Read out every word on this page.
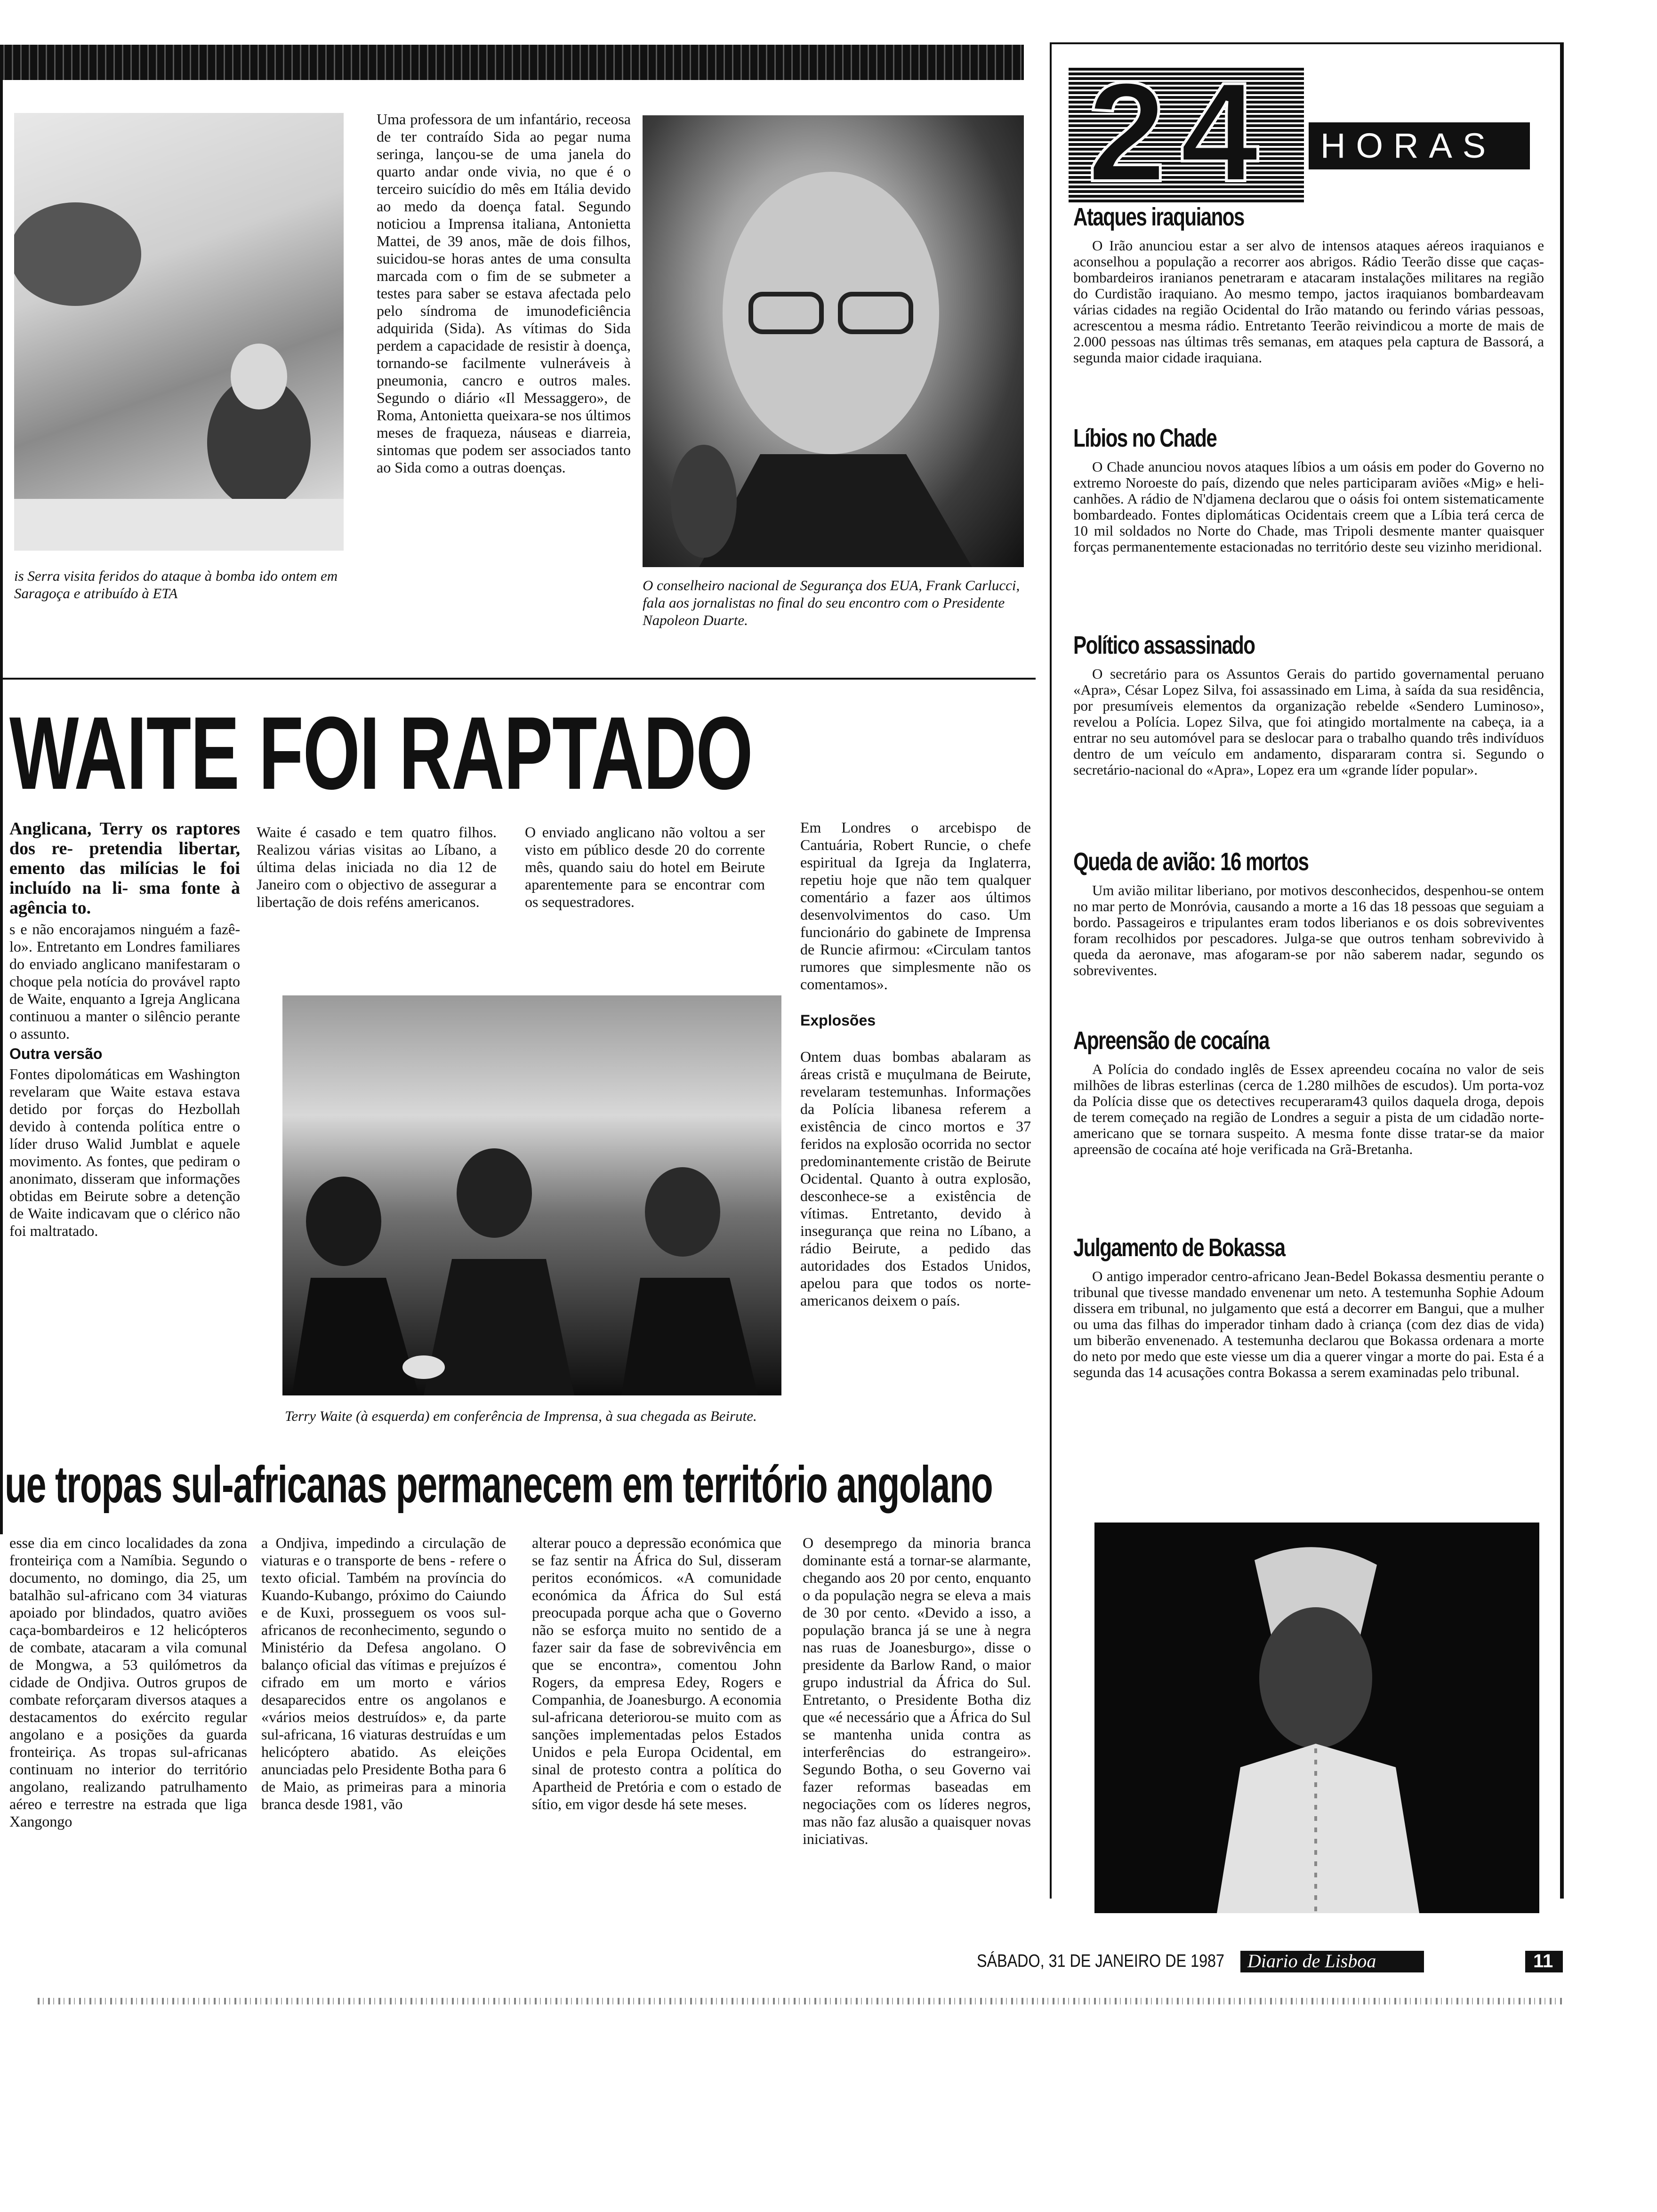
is Serra visita feridos do ataque à bomba ido ontem em Saragoça e atribuído à ETA
Uma professora de um infantário, receosa de ter contraído Sida ao pegar numa seringa, lançou-se de uma janela do quarto andar onde vivia, no que é o terceiro suicídio do mês em Itália devido ao medo da doença fatal. Segundo noticiou a Imprensa italiana, Antonietta Mattei, de 39 anos, mãe de dois filhos, suicidou-se horas antes de uma consulta marcada com o fim de se submeter a testes para saber se estava afectada pelo pelo síndroma de imunodeficiência adquirida (Sida). As vítimas do Sida perdem a capacidade de resistir à doença, tornando-se facilmente vulneráveis à pneumonia, cancro e outros males. Segundo o diário «Il Messaggero», de Roma, Antonietta queixara-se nos últimos meses de fraqueza, náuseas e diarreia, sintomas que podem ser associados tanto ao Sida como a outras doenças.
O conselheiro nacional de Segurança dos EUA, Frank Carlucci, fala aos jornalistas no final do seu encontro com o Presidente Napoleon Duarte.
WAITE FOI RAPTADO

Anglicana, Terry os raptores dos re- pretendia libertar, emento das milícias le foi incluído na li- sma fonte à agência to.

s e não encorajamos ninguém a fazê-lo». Entretanto em Londres familiares do enviado anglicano manifestaram o choque pela notícia do provável rapto de Waite, enquanto a Igreja Anglicana continuou a manter o silêncio perante o assunto.

Outra versão

Fontes dipolomáticas em Washington revelaram que Waite estava estava detido por forças do Hezbollah devido à contenda política entre o líder druso Walid Jumblat e aquele movimento. As fontes, que pediram o anonimato, disseram que informações obtidas em Beirute sobre a detenção de Waite indicavam que o clérico não foi maltratado.

Waite é casado e tem quatro filhos. Realizou várias visitas ao Líbano, a última delas iniciada no dia 12 de Janeiro com o objectivo de assegurar a libertação de dois reféns americanos.
O enviado anglicano não voltou a ser visto em público desde 20 do corrente mês, quando saiu do hotel em Beirute aparentemente para se encontrar com os sequestradores.

Em Londres o arcebispo de Cantuária, Robert Runcie, o chefe espiritual da Igreja da Inglaterra, repetiu hoje que não tem qualquer comentário a fazer aos últimos desenvolvimentos do caso. Um funcionário do gabinete de Imprensa de Runcie afirmou: «Circulam tantos rumores que simplesmente não os comentamos».

Explosões

Ontem duas bombas abalaram as áreas cristã e muçulmana de Beirute, revelaram testemunhas. Informações da Polícia libanesa referem a existência de cinco mortos e 37 feridos na explosão ocorrida no sector predominantemente cristão de Beirute Ocidental. Quanto à outra explosão, desconhece-se a existência de vítimas. Entretanto, devido à insegurança que reina no Líbano, a rádio Beirute, a pedido das autoridades dos Estados Unidos, apelou para que todos os norte-americanos deixem o país.

Terry Waite (à esquerda) em conferência de Imprensa, à sua chegada as Beirute.
ue tropas sul-africanas permanecem em território angolano
esse dia em cinco localidades da zona fronteiriça com a Namíbia. Segundo o documento, no domingo, dia 25, um batalhão sul-africano com 34 viaturas apoiado por blindados, quatro aviões caça-bombardeiros e 12 helicópteros de combate, atacaram a vila comunal de Mongwa, a 53 quilómetros da cidade de Ondjiva. Outros grupos de combate reforçaram diversos ataques a destacamentos do exército regular angolano e a posições da guarda fronteiriça. As tropas sul-africanas continuam no interior do território angolano, realizando patrulhamento aéreo e terrestre na estrada que liga Xangongo
a Ondjiva, impedindo a circulação de viaturas e o transporte de bens - refere o texto oficial. Também na província do Kuando-Kubango, próximo do Caiundo e de Kuxi, prosseguem os voos sul-africanos de reconhecimento, segundo o Ministério da Defesa angolano. O balanço oficial das vítimas e prejuízos é cifrado em um morto e vários desaparecidos entre os angolanos e «vários meios destruídos» e, da parte sul-africana, 16 viaturas destruídas e um helicóptero abatido. As eleições anunciadas pelo Presidente Botha para 6 de Maio, as primeiras para a minoria branca desde 1981, vão
alterar pouco a depressão económica que se faz sentir na África do Sul, disseram peritos económicos. «A comunidade económica da África do Sul está preocupada porque acha que o Governo não se esforça muito no sentido de a fazer sair da fase de sobrevivência em que se encontra», comentou John Rogers, da empresa Edey, Rogers e Companhia, de Joanesburgo. A economia sul-africana deteriorou-se muito com as sanções implementadas pelos Estados Unidos e pela Europa Ocidental, em sinal de protesto contra a política do Apartheid de Pretória e com o estado de sítio, em vigor desde há sete meses.
O desemprego da minoria branca dominante está a tornar-se alarmante, chegando aos 20 por cento, enquanto o da população negra se eleva a mais de 30 por cento. «Devido a isso, a população branca já se une à negra nas ruas de Joanesburgo», disse o presidente da Barlow Rand, o maior grupo industrial da África do Sul. Entretanto, o Presidente Botha diz que «é necessário que a África do Sul se mantenha unida contra as interferências do estrangeiro». Segundo Botha, o seu Governo vai fazer reformas baseadas em negociações com os líderes negros, mas não faz alusão a quaisquer novas iniciativas.
24 HORAS
Ataques iraquianos
O Irão anunciou estar a ser alvo de intensos ataques aéreos iraquianos e aconselhou a população a recorrer aos abrigos. Rádio Teerão disse que caças-bombardeiros iranianos penetraram e atacaram instalações militares na região do Curdistão iraquiano. Ao mesmo tempo, jactos iraquianos bombardeavam várias cidades na região Ocidental do Irão matando ou ferindo várias pessoas, acrescentou a mesma rádio. Entretanto Teerão reivindicou a morte de mais de 2.000 pessoas nas últimas três semanas, em ataques pela captura de Bassorá, a segunda maior cidade iraquiana.
Líbios no Chade
O Chade anunciou novos ataques líbios a um oásis em poder do Governo no extremo Noroeste do país, dizendo que neles participaram aviões «Mig» e heli-canhões. A rádio de N'djamena declarou que o oásis foi ontem sistematicamente bombardeado. Fontes diplomáticas Ocidentais creem que a Líbia terá cerca de 10 mil soldados no Norte do Chade, mas Tripoli desmente manter quaisquer forças permanentemente estacionadas no território deste seu vizinho meridional.
Político assassinado
O secretário para os Assuntos Gerais do partido governamental peruano «Apra», César Lopez Silva, foi assassinado em Lima, à saída da sua residência, por presumíveis elementos da organização rebelde «Sendero Luminoso», revelou a Polícia. Lopez Silva, que foi atingido mortalmente na cabeça, ia a entrar no seu automóvel para se deslocar para o trabalho quando três indivíduos dentro de um veículo em andamento, dispararam contra si. Segundo o secretário-nacional do «Apra», Lopez era um «grande líder popular».
Queda de avião: 16 mortos
Um avião militar liberiano, por motivos desconhecidos, despenhou-se ontem no mar perto de Monróvia, causando a morte a 16 das 18 pessoas que seguiam a bordo. Passageiros e tripulantes eram todos liberianos e os dois sobreviventes foram recolhidos por pescadores. Julga-se que outros tenham sobrevivido à queda da aeronave, mas afogaram-se por não saberem nadar, segundo os sobreviventes.
Apreensão de cocaína
A Polícia do condado inglês de Essex apreendeu cocaína no valor de seis milhões de libras esterlinas (cerca de 1.280 milhões de escudos). Um porta-voz da Polícia disse que os detectives recuperaram43 quilos daquela droga, depois de terem começado na região de Londres a seguir a pista de um cidadão norte-americano que se tornara suspeito. A mesma fonte disse tratar-se da maior apreensão de cocaína até hoje verificada na Grã-Bretanha.
Julgamento de Bokassa
O antigo imperador centro-africano Jean-Bedel Bokassa desmentiu perante o tribunal que tivesse mandado envenenar um neto. A testemunha Sophie Adoum dissera em tribunal, no julgamento que está a decorrer em Bangui, que a mulher ou uma das filhas do imperador tinham dado à criança (com dez dias de vida) um biberão envenenado. A testemunha declarou que Bokassa ordenara a morte do neto por medo que este viesse um dia a querer vingar a morte do pai. Esta é a segunda das 14 acusações contra Bokassa a serem examinadas pelo tribunal.
SÁBADO, 31 DE JANEIRO DE 1987 Diario de Lisboa	11
